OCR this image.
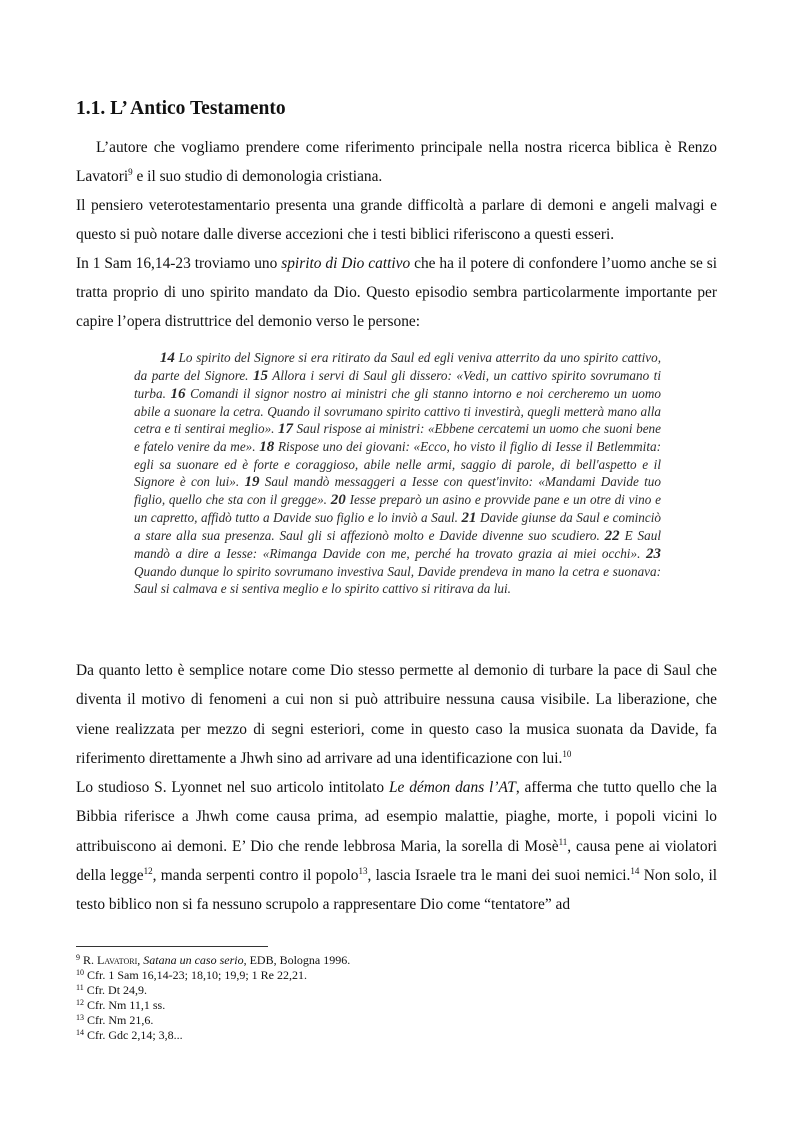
1.1. L’ Antico Testamento

L’autore che vogliamo prendere come riferimento principale nella nostra ricerca biblica è Renzo Lavatori$^9$ e il suo studio di demonologia cristiana.

Il pensiero veterotestamentario presenta una grande difficoltà a parlare di demoni e angeli malvagi e questo si può notare dalle diverse accezioni che i testi biblici riferiscono a questi esseri.

In 1 Sam 16,14-23 troviamo uno spirito di Dio cattivo che ha il potere di confondere l’uomo anche se si tratta proprio di uno spirito mandato da Dio. Questo episodio sembra particolarmente importante per capire l’opera distruttrice del demonio verso le persone:

14 Lo spirito del Signore si era ritirato da Saul ed egli veniva atterrito da uno spirito cattivo, da parte del Signore. 15 Allora i servi di Saul gli dissero: «Vedi, un cattivo spirito sovrumano ti turba. 16 Comandi il signor nostro ai ministri che gli stanno intorno e noi cercheremo un uomo abile a suonare la cetra. Quando il sovrumano spirito cattivo ti investirà, quegli metterà mano alla cetra e ti sentirai meglio». 17 Saul rispose ai ministri: «Ebbene cercatemi un uomo che suoni bene e fatelo venire da me». 18 Rispose uno dei giovani: «Ecco, ho visto il figlio di Iesse il Betlemmita: egli sa suonare ed è forte e coraggioso, abile nelle armi, saggio di parole, di bell'aspetto e il Signore è con lui». 19 Saul mandò messaggeri a Iesse con quest'invito: «Mandami Davide tuo figlio, quello che sta con il gregge». 20 Iesse preparò un asino e provvide pane e un otre di vino e un capretto, affidò tutto a Davide suo figlio e lo inviò a Saul. 21 Davide giunse da Saul e cominciò a stare alla sua presenza. Saul gli si affezionò molto e Davide divenne suo scudiero. 22 E Saul mandò a dire a Iesse: «Rimanga Davide con me, perché ha trovato grazia ai miei occhi». 23 Quando dunque lo spirito sovrumano investiva Saul, Davide prendeva in mano la cetra e suonava: Saul si calmava e si sentiva meglio e lo spirito cattivo si ritirava da lui.

Da quanto letto è semplice notare come Dio stesso permette al demonio di turbare la pace di Saul che diventa il motivo di fenomeni a cui non si può attribuire nessuna causa visibile. La liberazione, che viene realizzata per mezzo di segni esteriori, come in questo caso la musica suonata da Davide, fa riferimento direttamente a Jhwh sino ad arrivare ad una identificazione con lui.$^{10}$

Lo studioso S. Lyonnet nel suo articolo intitolato Le démon dans l’AT, afferma che tutto quello che la Bibbia riferisce a Jhwh come causa prima, ad esempio malattie, piaghe, morte, i popoli vicini lo attribuiscono ai demoni. E’ Dio che rende lebbrosa Maria, la sorella di Mosè$^{11}$, causa pene ai violatori della legge$^{12}$, manda serpenti contro il popolo$^{13}$, lascia Israele tra le mani dei suoi nemici.$^{14}$ Non solo, il testo biblico non si fa nessuno scrupolo a rappresentare Dio come “tentatore” ad

$^9$ R. Lavatori, Satana un caso serio, EDB, Bologna 1996.

$^{10}$ Cfr. 1 Sam 16,14-23; 18,10; 19,9; 1 Re 22,21.

$^{11}$ Cfr. Dt 24,9.

$^{12}$ Cfr. Nm 11,1 ss.

$^{13}$ Cfr. Nm 21,6.

$^{14}$ Cfr. Gdc 2,14; 3,8...
